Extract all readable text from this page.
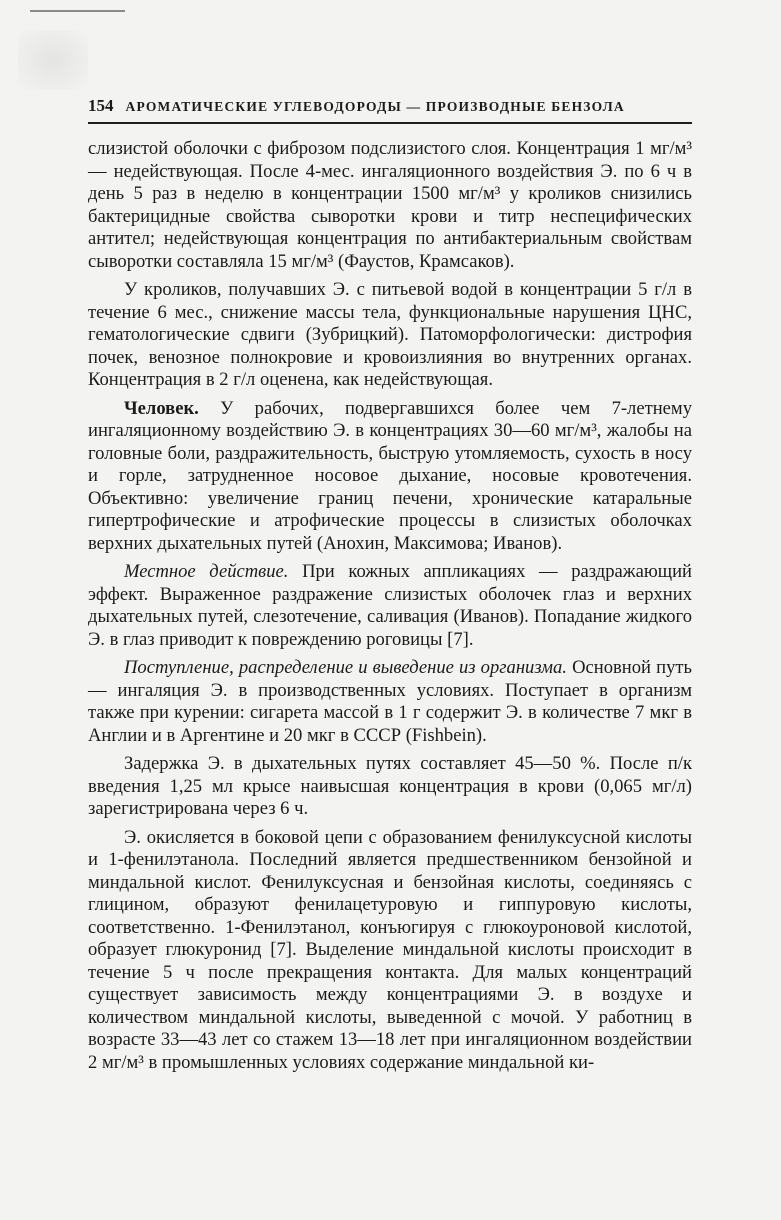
154 АРОМАТИЧЕСКИЕ УГЛЕВОДОРОДЫ — ПРОИЗВОДНЫЕ БЕНЗОЛА

слизистой оболочки с фиброзом подслизистого слоя. Концентрация 1 мг/м³ — недействующая. После 4-мес. ингаляционного воздействия Э. по 6 ч в день 5 раз в неделю в концентрации 1500 мг/м³ у кроликов снизились бактерицидные свойства сыворотки крови и титр неспецифических антител; недействующая концентрация по антибактериальным свойствам сыворотки составляла 15 мг/м³ (Фаустов, Крамсаков).

У кроликов, получавших Э. с питьевой водой в концентрации 5 г/л в течение 6 мес., снижение массы тела, функциональные нарушения ЦНС, гематологические сдвиги (Зубрицкий). Патоморфологически: дистрофия почек, венозное полнокровие и кровоизлияния во внутренних органах. Концентрация в 2 г/л оценена, как недействующая.

Человек. У рабочих, подвергавшихся более чем 7-летнему ингаляционному воздействию Э. в концентрациях 30—60 мг/м³, жалобы на головные боли, раздражительность, быструю утомляемость, сухость в носу и горле, затрудненное носовое дыхание, носовые кровотечения. Объективно: увеличение границ печени, хронические катаральные гипертрофические и атрофические процессы в слизистых оболочках верхних дыхательных путей (Анохин, Максимова; Иванов).

Местное действие. При кожных аппликациях — раздражающий эффект. Выраженное раздражение слизистых оболочек глаз и верхних дыхательных путей, слезотечение, саливация (Иванов). Попадание жидкого Э. в глаз приводит к повреждению роговицы [7].

Поступление, распределение и выведение из организма. Основной путь — ингаляция Э. в производственных условиях. Поступает в организм также при курении: сигарета массой в 1 г содержит Э. в количестве 7 мкг в Англии и в Аргентине и 20 мкг в СССР (Fishbein).

Задержка Э. в дыхательных путях составляет 45—50 %. После п/к введения 1,25 мл крысе наивысшая концентрация в крови (0,065 мг/л) зарегистрирована через 6 ч.

Э. окисляется в боковой цепи с образованием фенилуксусной кислоты и 1-фенилэтанола. Последний является предшественником бензойной и миндальной кислот. Фенилуксусная и бензойная кислоты, соединяясь с глицином, образуют фенилацетуровую и гиппуровую кислоты, соответственно. 1-Фенилэтанол, конъюгируя с глюкоуроновой кислотой, образует глюкуронид [7]. Выделение миндальной кислоты происходит в течение 5 ч после прекращения контакта. Для малых концентраций существует зависимость между концентрациями Э. в воздухе и количеством миндальной кислоты, выведенной с мочой. У работниц в возрасте 33—43 лет со стажем 13—18 лет при ингаляционном воздействии 2 мг/м³ в промышленных условиях содержание миндальной ки-
